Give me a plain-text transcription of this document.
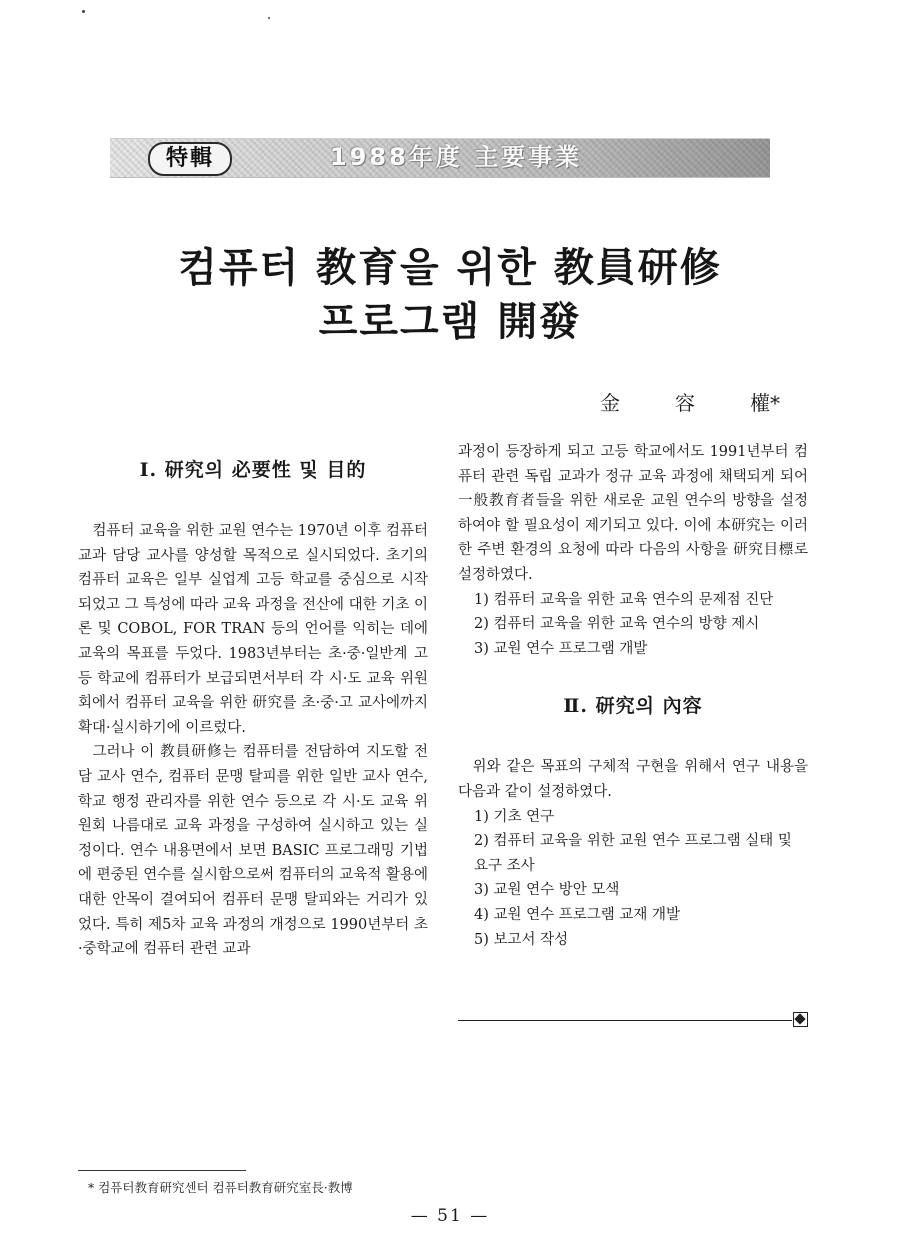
特輯	1988年度 主要事業
컴퓨터 教育을 위한 教員研修
프로그램 開發
金	容	權*
Ⅰ. 研究의 必要性 및 目的

컴퓨터 교육을 위한 교원 연수는 1970년 이후 컴퓨터 교과 담당 교사를 양성할 목적으로 실시되었다. 초기의 컴퓨터 교육은 일부 실업계 고등 학교를 중심으로 시작되었고 그 특성에 따라 교육 과정을 전산에 대한 기초 이론 및 COBOL, FOR TRAN 등의 언어를 익히는 데에 교육의 목표를 두었다. 1983년부터는 초·중·일반계 고등 학교에 컴퓨터가 보급되면서부터 각 시·도 교육 위원회에서 컴퓨터 교육을 위한 研究를 초·중·고 교사에까지 확대·실시하기에 이르렀다.

그러나 이 教員研修는 컴퓨터를 전담하여 지도할 전담 교사 연수, 컴퓨터 문맹 탈피를 위한 일반 교사 연수, 학교 행정 관리자를 위한 연수 등으로 각 시·도 교육 위원회 나름대로 교육 과정을 구성하여 실시하고 있는 실정이다. 연수 내용면에서 보면 BASIC 프로그래밍 기법에 편중된 연수를 실시함으로써 컴퓨터의 교육적 활용에 대한 안목이 결여되어 컴퓨터 문맹 탈피와는 거리가 있었다. 특히 제5차 교육 과정의 개정으로 1990년부터 초·중학교에 컴퓨터 관련 교과

과정이 등장하게 되고 고등 학교에서도 1991년부터 컴퓨터 관련 독립 교과가 정규 교육 과정에 채택되게 되어 一般教育者들을 위한 새로운 교원 연수의 방향을 설정하여야 할 필요성이 제기되고 있다. 이에 本研究는 이러한 주변 환경의 요청에 따라 다음의 사항을 研究目標로 설정하였다.

1) 컴퓨터 교육을 위한 교육 연수의 문제점 진단
2) 컴퓨터 교육을 위한 교육 연수의 방향 제시
3) 교원 연수 프로그램 개발
Ⅱ. 研究의 內容

위와 같은 목표의 구체적 구현을 위해서 연구 내용을 다음과 같이 설정하였다.

1) 기초 연구
2) 컴퓨터 교육을 위한 교원 연수 프로그램 실태 및 요구 조사
3) 교원 연수 방안 모색
4) 교원 연수 프로그램 교재 개발
5) 보고서 작성
* 컴퓨터教育研究센터 컴퓨터教育研究室長·教博
— 51 —
